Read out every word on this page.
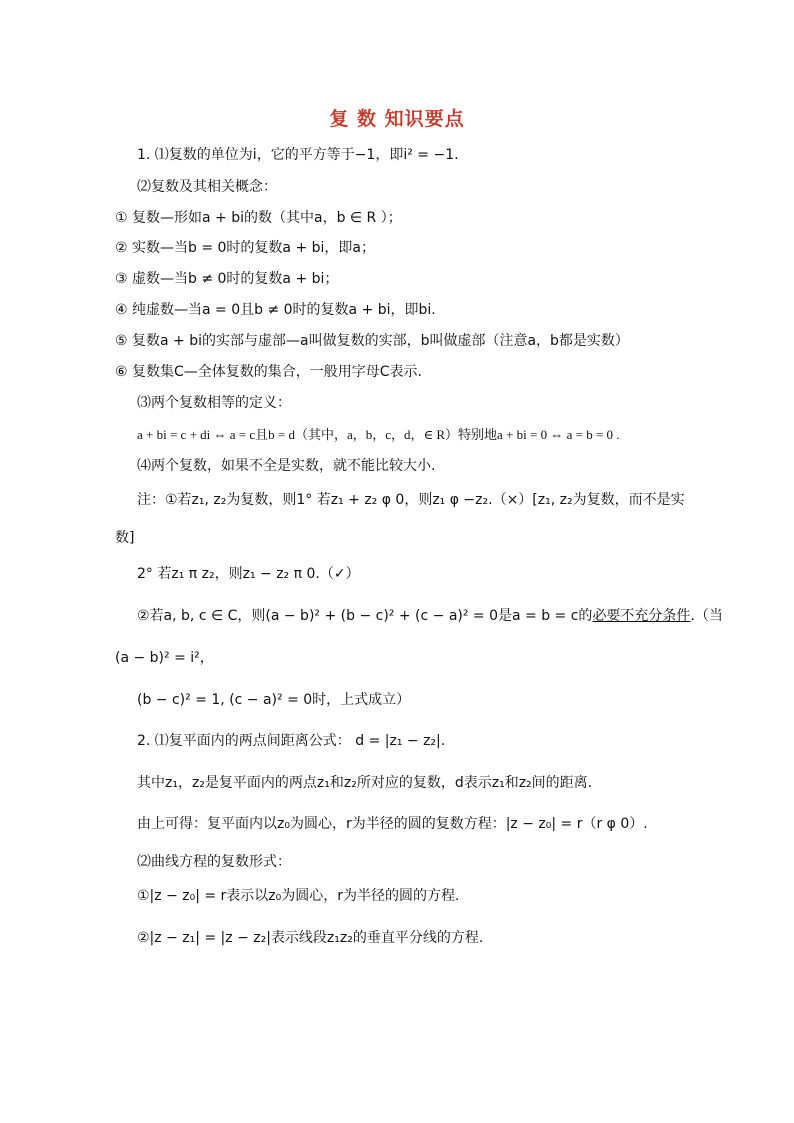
复 数 知识要点
1. ⑴复数的单位为i，它的平方等于−1，即i² = −1.
⑵复数及其相关概念：
① 复数—形如a + bi的数（其中a，b ∈ R ）；
② 实数—当b = 0时的复数a + bi，即a；
③ 虚数—当b ≠ 0时的复数a + bi；
④ 纯虚数—当a = 0且b ≠ 0时的复数a + bi，即bi.
⑤ 复数a + bi的实部与虚部—a叫做复数的实部，b叫做虚部（注意a，b都是实数）
⑥ 复数集C—全体复数的集合，一般用字母C表示.
⑶两个复数相等的定义：
a + bi = c + di ⇔ a = c且b = d（其中，a，b，c，d，∈ R）特别地a + bi = 0 ⇔ a = b = 0 .
⑷两个复数，如果不全是实数，就不能比较大小.
注：①若z₁, z₂为复数，则1° 若z₁ + z₂ φ 0，则z₁ φ −z₂.（×）[z₁, z₂为复数，而不是实
数]
2° 若z₁ π z₂，则z₁ − z₂ π 0.（✓）
②若a, b, c ∈ C，则(a − b)² + (b − c)² + (c − a)² = 0是a = b = c的必要不充分条件.（当
(a − b)² = i²，
(b − c)² = 1, (c − a)² = 0时，上式成立）
2. ⑴复平面内的两点间距离公式： d = |z₁ − z₂|.
其中z₁，z₂是复平面内的两点z₁和z₂所对应的复数，d表示z₁和z₂间的距离.
由上可得：复平面内以z₀为圆心，r为半径的圆的复数方程：|z − z₀| = r（r φ 0）.
⑵曲线方程的复数形式：
①|z − z₀| = r表示以z₀为圆心，r为半径的圆的方程.
②|z − z₁| = |z − z₂|表示线段z₁z₂的垂直平分线的方程.
